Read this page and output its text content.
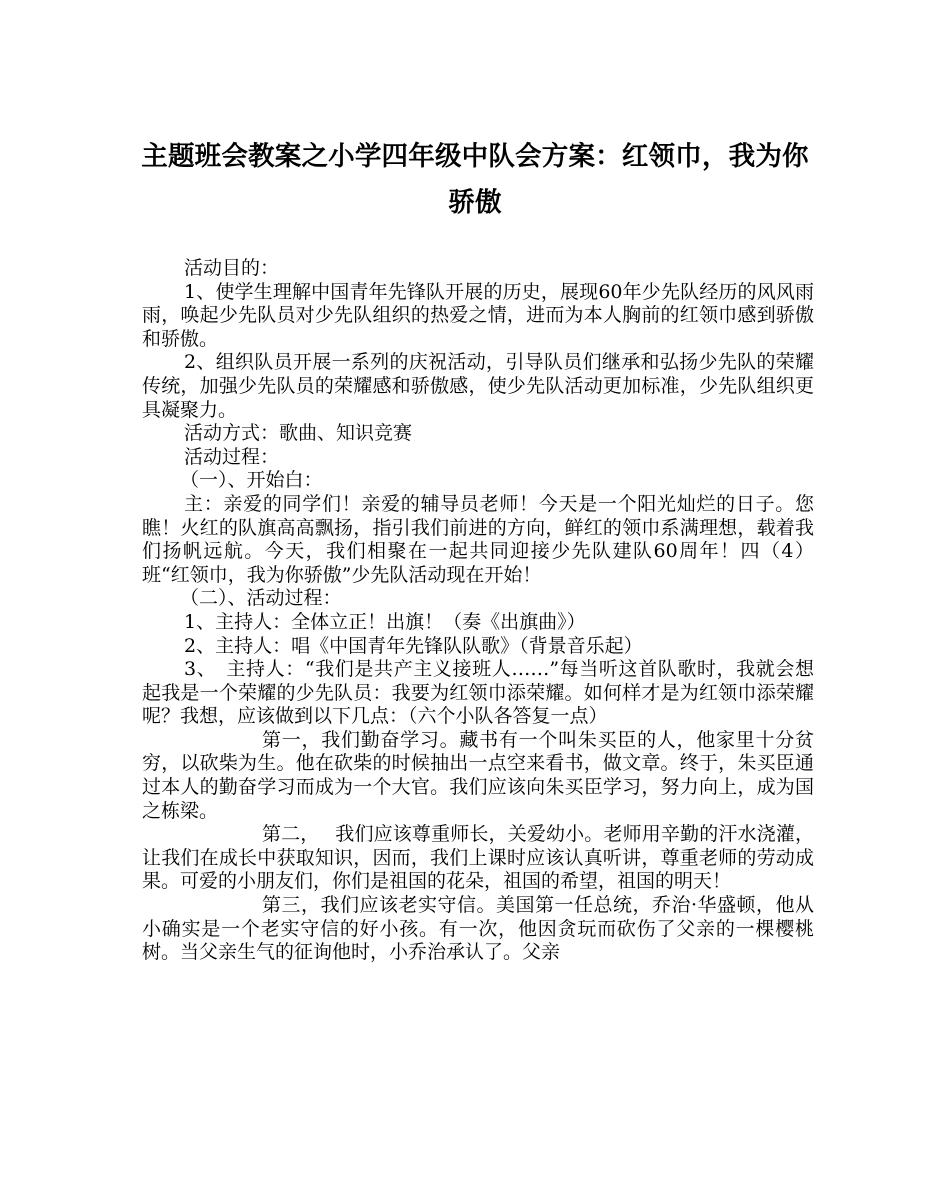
主题班会教案之小学四年级中队会方案：红领巾，我为你骄傲

活动目的：

1、使学生理解中国青年先锋队开展的历史，展现60年少先队经历的风风雨雨，唤起少先队员对少先队组织的热爱之情，进而为本人胸前的红领巾感到骄傲和骄傲。

2、组织队员开展一系列的庆祝活动，引导队员们继承和弘扬少先队的荣耀传统，加强少先队员的荣耀感和骄傲感，使少先队活动更加标准，少先队组织更具凝聚力。

活动方式：歌曲、知识竞赛

活动过程：

（一）、开始白：

主：亲爱的同学们！亲爱的辅导员老师！今天是一个阳光灿烂的日子。您瞧！火红的队旗高高飘扬，指引我们前进的方向，鲜红的领巾系满理想，载着我们扬帆远航。今天，我们相聚在一起共同迎接少先队建队60周年！四（4）班“红领巾，我为你骄傲”少先队活动现在开始！

（二）、活动过程：

1、主持人：全体立正！出旗！（奏《出旗曲》）

2、主持人：唱《中国青年先锋队队歌》（背景音乐起）

3、　主持人：“我们是共产主义接班人……”每当听这首队歌时，我就会想起我是一个荣耀的少先队员：我要为红领巾添荣耀。如何样才是为红领巾添荣耀呢？我想，应该做到以下几点：（六个小队各答复一点）

第一，我们勤奋学习。藏书有一个叫朱买臣的人，他家里十分贫穷，以砍柴为生。他在砍柴的时候抽出一点空来看书，做文章。终于，朱买臣通过本人的勤奋学习而成为一个大官。我们应该向朱买臣学习，努力向上，成为国之栋梁。

第二，　 我们应该尊重师长，关爱幼小。老师用辛勤的汗水浇灌，让我们在成长中获取知识，因而，我们上课时应该认真听讲，尊重老师的劳动成果。可爱的小朋友们，你们是祖国的花朵，祖国的希望，祖国的明天！

第三，我们应该老实守信。美国第一任总统，乔治·华盛顿，他从小确实是一个老实守信的好小孩。有一次，他因贪玩而砍伤了父亲的一棵樱桃树。当父亲生气的征询他时，小乔治承认了。父亲
